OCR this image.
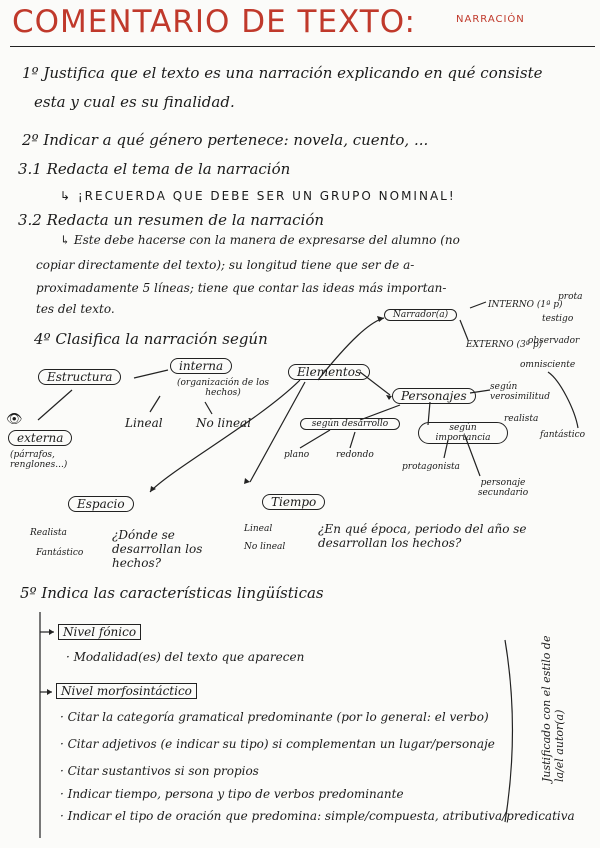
COMENTARIO DE TEXTO:	NARRACIÓN
1º Justifica que el texto es una narración explicando en qué consiste
esta y cual es su finalidad.
2º Indicar a qué género pertenece: novela, cuento, ...
3.1 Redacta el tema de la narración
↳ ¡RECUERDA QUE DEBE SER UN GRUPO NOMINAL!
3.2 Redacta un resumen de la narración
↳ Este debe hacerse con la manera de expresarse del alumno (no
copiar directamente del texto); su longitud tiene que ser de a-
proximadamente 5 líneas; tiene que contar las ideas más importan-
tes del texto.
4º Clasifica la narración según
Estructura
interna
(organización de los hechos)
Lineal	No lineal
👁
externa
(párrafos, renglones...)
Elementos
Narrador(a)
INTERNO (1ª p)
prota
testigo
EXTERNO (3ª p)
observador
omnisciente
Personajes
según verosimilitud
realista
fantástico
según desarrollo
plano	redondo
según importancia
protagonista
personaje secundario
Espacio
Realista
Fantástico
¿Dónde se desarrollan los hechos?
Tiempo
Lineal
No lineal
¿En qué época, periodo del año se desarrollan los hechos?
5º Indica las características lingüísticas
Nivel fónico
· Modalidad(es) del texto que aparecen
Nivel morfosintáctico
· Citar la categoría gramatical predominante (por lo general: el verbo)
· Citar adjetivos (e indicar su tipo) si complementan un lugar/personaje
· Citar sustantivos si son propios
· Indicar tiempo, persona y tipo de verbos predominante
· Indicar el tipo de oración que predomina: simple/compuesta, atributiva/predicativa
Justificado con el estilo de la/el autor(a)
